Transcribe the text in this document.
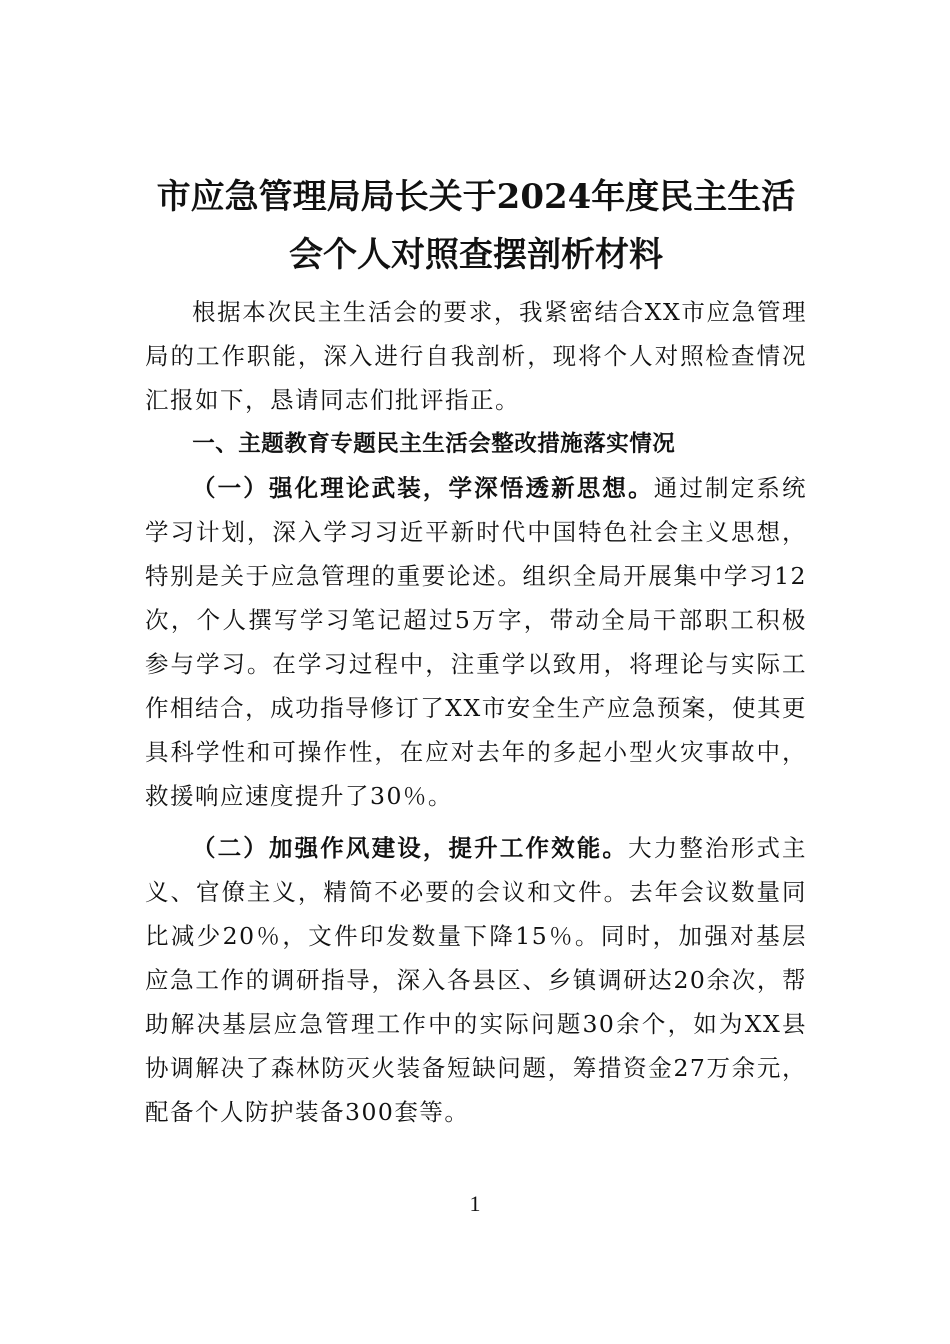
市应急管理局局长关于2024年度民主生活
会个人对照查摆剖析材料

根据本次民主生活会的要求，我紧密结合XX市应急管理局的工作职能，深入进行自我剖析，现将个人对照检查情况汇报如下，恳请同志们批评指正。

一、主题教育专题民主生活会整改措施落实情况

（一）强化理论武装，学深悟透新思想。通过制定系统学习计划，深入学习习近平新时代中国特色社会主义思想，特别是关于应急管理的重要论述。组织全局开展集中学习12次，个人撰写学习笔记超过5万字，带动全局干部职工积极参与学习。在学习过程中，注重学以致用，将理论与实际工作相结合，成功指导修订了XX市安全生产应急预案，使其更具科学性和可操作性，在应对去年的多起小型火灾事故中，救援响应速度提升了30％。

（二）加强作风建设，提升工作效能。大力整治形式主义、官僚主义，精简不必要的会议和文件。去年会议数量同比减少20％，文件印发数量下降15％。同时，加强对基层应急工作的调研指导，深入各县区、乡镇调研达20余次，帮助解决基层应急管理工作中的实际问题30余个，如为XX县协调解决了森林防灭火装备短缺问题，筹措资金27万余元，配备个人防护装备300套等。

1
